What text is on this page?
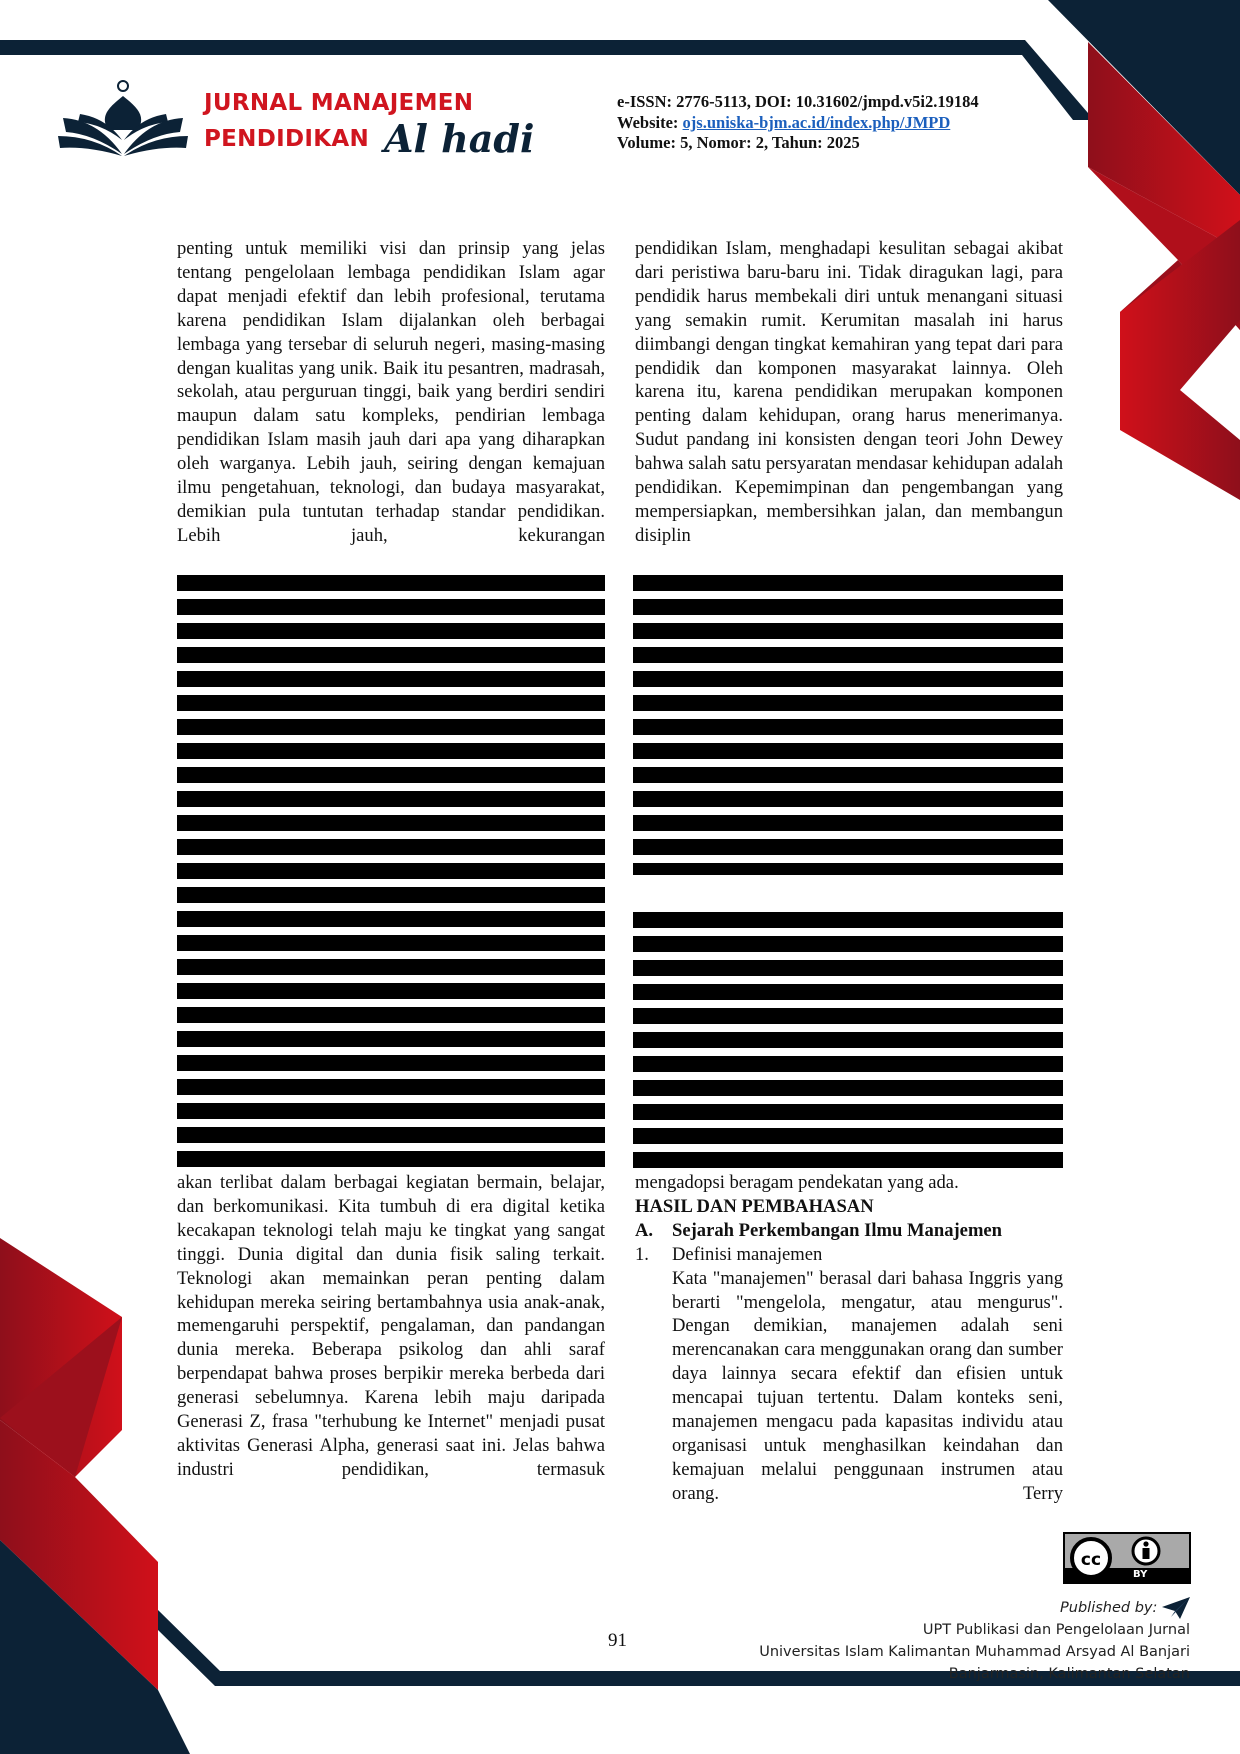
JURNAL MANAJEMEN
PENDIDIKAN Al hadi
e-ISSN: 2776-5113, DOI: 10.31602/jmpd.v5i2.19184
Website: ojs.uniska-bjm.ac.id/index.php/JMPD
Volume: 5, Nomor: 2, Tahun: 2025

penting untuk memiliki visi dan prinsip yang jelas tentang pengelolaan lembaga pendidikan Islam agar dapat menjadi efektif dan lebih profesional, terutama karena pendidikan Islam dijalankan oleh berbagai lembaga yang tersebar di seluruh negeri, masing-masing dengan kualitas yang unik. Baik itu pesantren, madrasah, sekolah, atau perguruan tinggi, baik yang berdiri sendiri maupun dalam satu kompleks, pendirian lembaga pendidikan Islam masih jauh dari apa yang diharapkan oleh warganya. Lebih jauh, seiring dengan kemajuan ilmu pengetahuan, teknologi, dan budaya masyarakat, demikian pula tuntutan terhadap standar pendidikan. Lebih jauh, kekurangan

akan terlibat dalam berbagai kegiatan bermain, belajar, dan berkomunikasi. Kita tumbuh di era digital ketika kecakapan teknologi telah maju ke tingkat yang sangat tinggi. Dunia digital dan dunia fisik saling terkait. Teknologi akan memainkan peran penting dalam kehidupan mereka seiring bertambahnya usia anak-anak, memengaruhi perspektif, pengalaman, dan pandangan dunia mereka. Beberapa psikolog dan ahli saraf berpendapat bahwa proses berpikir mereka berbeda dari generasi sebelumnya. Karena lebih maju daripada Generasi Z, frasa "terhubung ke Internet" menjadi pusat aktivitas Generasi Alpha, generasi saat ini. Jelas bahwa industri pendidikan, termasuk

pendidikan Islam, menghadapi kesulitan sebagai akibat dari peristiwa baru-baru ini. Tidak diragukan lagi, para pendidik harus membekali diri untuk menangani situasi yang semakin rumit. Kerumitan masalah ini harus diimbangi dengan tingkat kemahiran yang tepat dari para pendidik dan komponen masyarakat lainnya. Oleh karena itu, karena pendidikan merupakan komponen penting dalam kehidupan, orang harus menerimanya. Sudut pandang ini konsisten dengan teori John Dewey bahwa salah satu persyaratan mendasar kehidupan adalah pendidikan. Kepemimpinan dan pengembangan yang mempersiapkan, membersihkan jalan, dan membangun disiplin

mengadopsi beragam pendekatan yang ada.

HASIL DAN PEMBAHASAN

A.	Sejarah Perkembangan Ilmu Manajemen
1.	Definisi manajemen

Kata "manajemen" berasal dari bahasa Inggris yang berarti "mengelola, mengatur, atau mengurus". Dengan demikian, manajemen adalah seni merencanakan cara menggunakan orang dan sumber daya lainnya secara efektif dan efisien untuk mencapai tujuan tertentu. Dalam konteks seni, manajemen mengacu pada kapasitas individu atau organisasi untuk menghasilkan keindahan dan kemajuan melalui penggunaan instrumen atau orang. Terry

91
cc
BY
Published by:
UPT Publikasi dan Pengelolaan Jurnal
Universitas Islam Kalimantan Muhammad Arsyad Al Banjari
Banjarmasin, Kalimantan Selatan
